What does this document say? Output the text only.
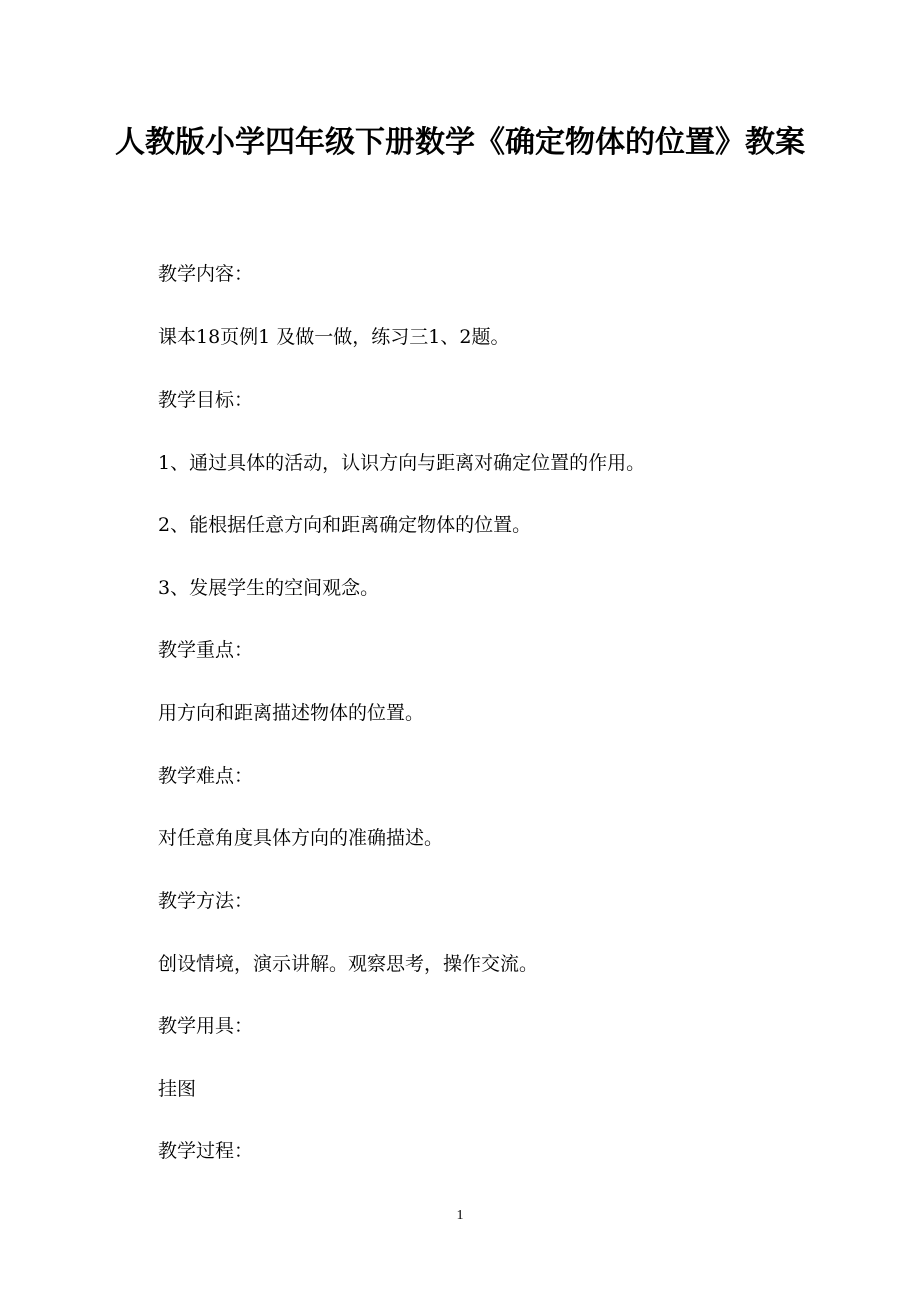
人教版小学四年级下册数学《确定物体的位置》教案

教学内容：

课本18页例1 及做一做，练习三1、2题。

教学目标：

1、通过具体的活动，认识方向与距离对确定位置的作用。

2、能根据任意方向和距离确定物体的位置。

3、发展学生的空间观念。

教学重点：

用方向和距离描述物体的位置。

教学难点：

对任意角度具体方向的准确描述。

教学方法：

创设情境，演示讲解。观察思考，操作交流。

教学用具：

挂图

教学过程：

1
